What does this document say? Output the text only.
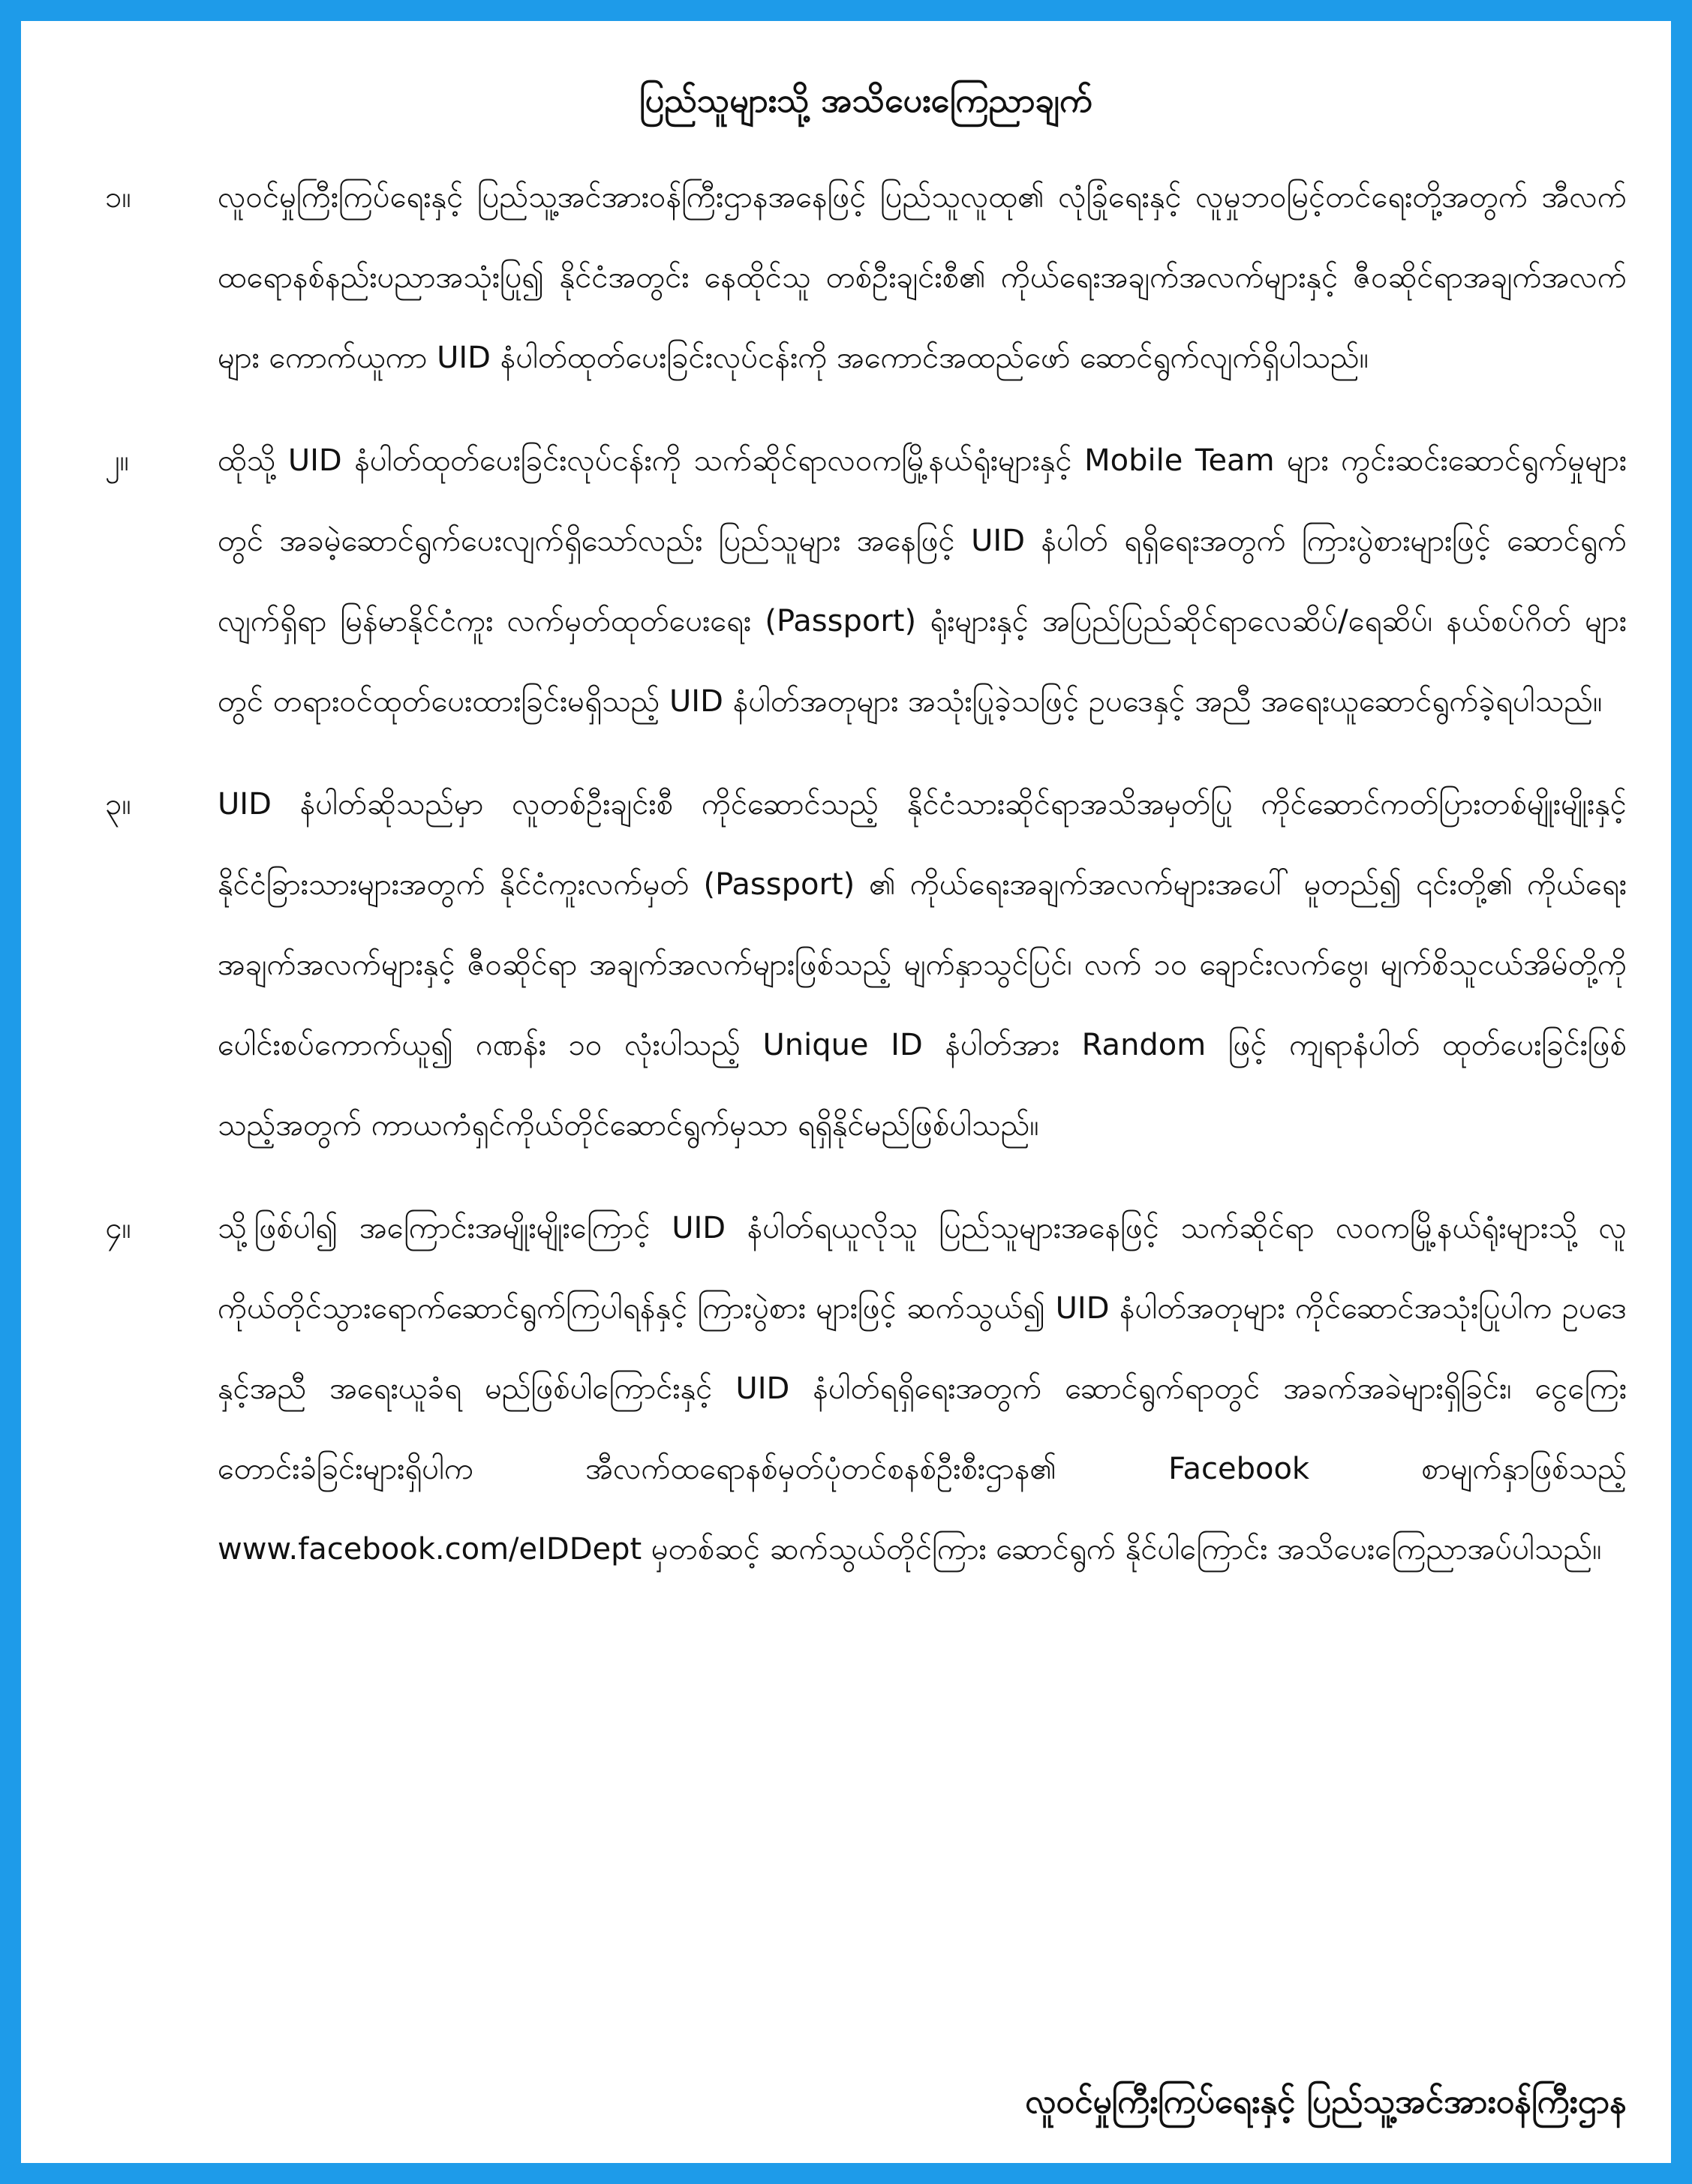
ပြည်သူများသို့ အသိပေးကြေညာချက်
၁။	လူဝင်မှုကြီးကြပ်ရေးနှင့် ပြည်သူ့အင်အားဝန်ကြီးဌာနအနေဖြင့် ပြည်သူလူထု၏ လုံခြုံရေးနှင့် လူမှုဘဝမြင့်တင်ရေးတို့အတွက် အီလက်ထရောနစ်နည်းပညာအသုံးပြု၍ နိုင်ငံအတွင်း နေထိုင်သူ တစ်ဦးချင်းစီ၏ ကိုယ်ရေးအချက်အလက်များနှင့် ဇီဝဆိုင်ရာအချက်အလက်များ ကောက်ယူကာ UID နံပါတ်ထုတ်ပေးခြင်းလုပ်ငန်းကို အကောင်အထည်ဖော် ဆောင်ရွက်လျက်ရှိပါသည်။

၂။	ထိုသို့ UID နံပါတ်ထုတ်ပေးခြင်းလုပ်ငန်းကို သက်ဆိုင်ရာလဝကမြို့နယ်ရုံးများနှင့် Mobile Team များ ကွင်းဆင်းဆောင်ရွက်မှုများတွင် အခမဲ့ဆောင်ရွက်ပေးလျက်ရှိသော်လည်း ပြည်သူများ အနေဖြင့် UID နံပါတ် ရရှိရေးအတွက် ကြားပွဲစားများဖြင့် ဆောင်ရွက်လျက်ရှိရာ မြန်မာနိုင်ငံကူး လက်မှတ်ထုတ်ပေးရေး (Passport) ရုံးများနှင့် အပြည်ပြည်ဆိုင်ရာလေဆိပ်/ရေဆိပ်၊ နယ်စပ်ဂိတ် များတွင် တရားဝင်ထုတ်ပေးထားခြင်းမရှိသည့် UID နံပါတ်အတုများ အသုံးပြုခဲ့သဖြင့် ဥပဒေနှင့် အညီ အရေးယူဆောင်ရွက်ခဲ့ရပါသည်။

၃။	UID နံပါတ်ဆိုသည်မှာ လူတစ်ဦးချင်းစီ ကိုင်ဆောင်သည့် နိုင်ငံသားဆိုင်ရာအသိအမှတ်ပြု ကိုင်ဆောင်ကတ်ပြားတစ်မျိုးမျိုးနှင့် နိုင်ငံခြားသားများအတွက် နိုင်ငံကူးလက်မှတ် (Passport) ၏ ကိုယ်ရေးအချက်အလက်များအပေါ် မူတည်၍ ၎င်းတို့၏ ကိုယ်ရေးအချက်အလက်များနှင့် ဇီဝဆိုင်ရာ အချက်အလက်များဖြစ်သည့် မျက်နှာသွင်ပြင်၊ လက် ၁၀ ချောင်းလက်ဗွေ၊ မျက်စိသူငယ်အိမ်တို့ကို ပေါင်းစပ်ကောက်ယူ၍ ဂဏန်း ၁၀ လုံးပါသည့် Unique ID နံပါတ်အား Random ဖြင့် ကျရာနံပါတ် ထုတ်ပေးခြင်းဖြစ်သည့်အတွက် ကာယကံရှင်ကိုယ်တိုင်ဆောင်ရွက်မှသာ ရရှိနိုင်မည်ဖြစ်ပါသည်။

၄။	သို့ဖြစ်ပါ၍ အကြောင်းအမျိုးမျိုးကြောင့် UID နံပါတ်ရယူလိုသူ ပြည်သူများအနေဖြင့် သက်ဆိုင်ရာ လဝကမြို့နယ်ရုံးများသို့ လူကိုယ်တိုင်သွားရောက်ဆောင်ရွက်ကြပါရန်နှင့် ကြားပွဲစား များဖြင့် ဆက်သွယ်၍ UID နံပါတ်အတုများ ကိုင်ဆောင်အသုံးပြုပါက ဥပဒေနှင့်အညီ အရေးယူခံရ မည်ဖြစ်ပါကြောင်းနှင့် UID နံပါတ်ရရှိရေးအတွက် ဆောင်ရွက်ရာတွင် အခက်အခဲများရှိခြင်း၊ ငွေကြေးတောင်းခံခြင်းများရှိပါက အီလက်ထရောနစ်မှတ်ပုံတင်စနစ်ဦးစီးဌာန၏ Facebook စာမျက်နှာဖြစ်သည့် www.facebook.com/eIDDept မှတစ်ဆင့် ဆက်သွယ်တိုင်ကြား ဆောင်ရွက် နိုင်ပါကြောင်း အသိပေးကြေညာအပ်ပါသည်။

လူဝင်မှုကြီးကြပ်ရေးနှင့် ပြည်သူ့အင်အားဝန်ကြီးဌာန
